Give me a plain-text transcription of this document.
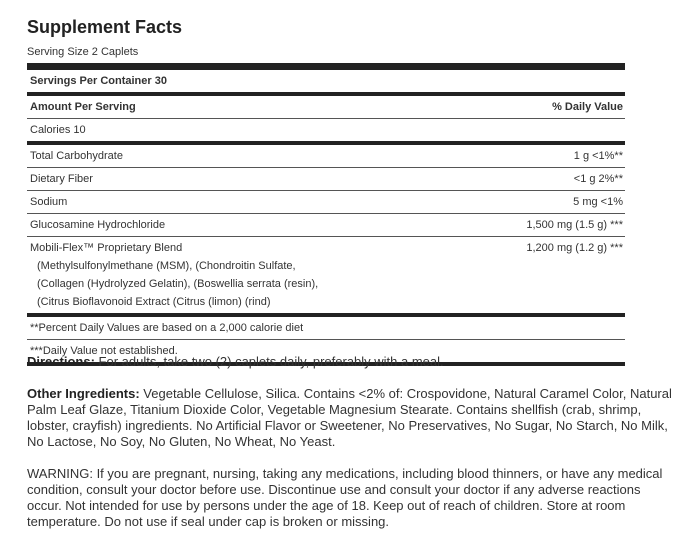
Supplement Facts
Serving Size 2 Caplets
Servings Per Container 30
Amount Per Serving	% Daily Value
Calories 10
Total Carbohydrate	1 g <1%**
Dietary Fiber	<1 g 2%**
Sodium	5 mg <1%
Glucosamine Hydrochloride	1,500 mg (1.5 g) ***
Mobili-Flex™ Proprietary Blend	1,200 mg (1.2 g) ***
(Methylsulfonylmethane (MSM), (Chondroitin Sulfate,
(Collagen (Hydrolyzed Gelatin), (Boswellia serrata (resin),
(Citrus Bioflavonoid Extract (Citrus (limon) (rind)
**Percent Daily Values are based on a 2,000 calorie diet
***Daily Value not established.
Directions: For adults, take two (2) caplets daily, preferably with a meal.
Other Ingredients: Vegetable Cellulose, Silica. Contains <2% of: Crospovidone, Natural Caramel Color, Natural Palm Leaf Glaze, Titanium Dioxide Color, Vegetable Magnesium Stearate. Contains shellfish (crab, shrimp, lobster, crayfish) ingredients. No Artificial Flavor or Sweetener, No Preservatives, No Sugar, No Starch, No Milk, No Lactose, No Soy, No Gluten, No Wheat, No Yeast.
WARNING: If you are pregnant, nursing, taking any medications, including blood thinners, or have any medical condition, consult your doctor before use. Discontinue use and consult your doctor if any adverse reactions occur. Not intended for use by persons under the age of 18. Keep out of reach of children. Store at room temperature. Do not use if seal under cap is broken or missing.
